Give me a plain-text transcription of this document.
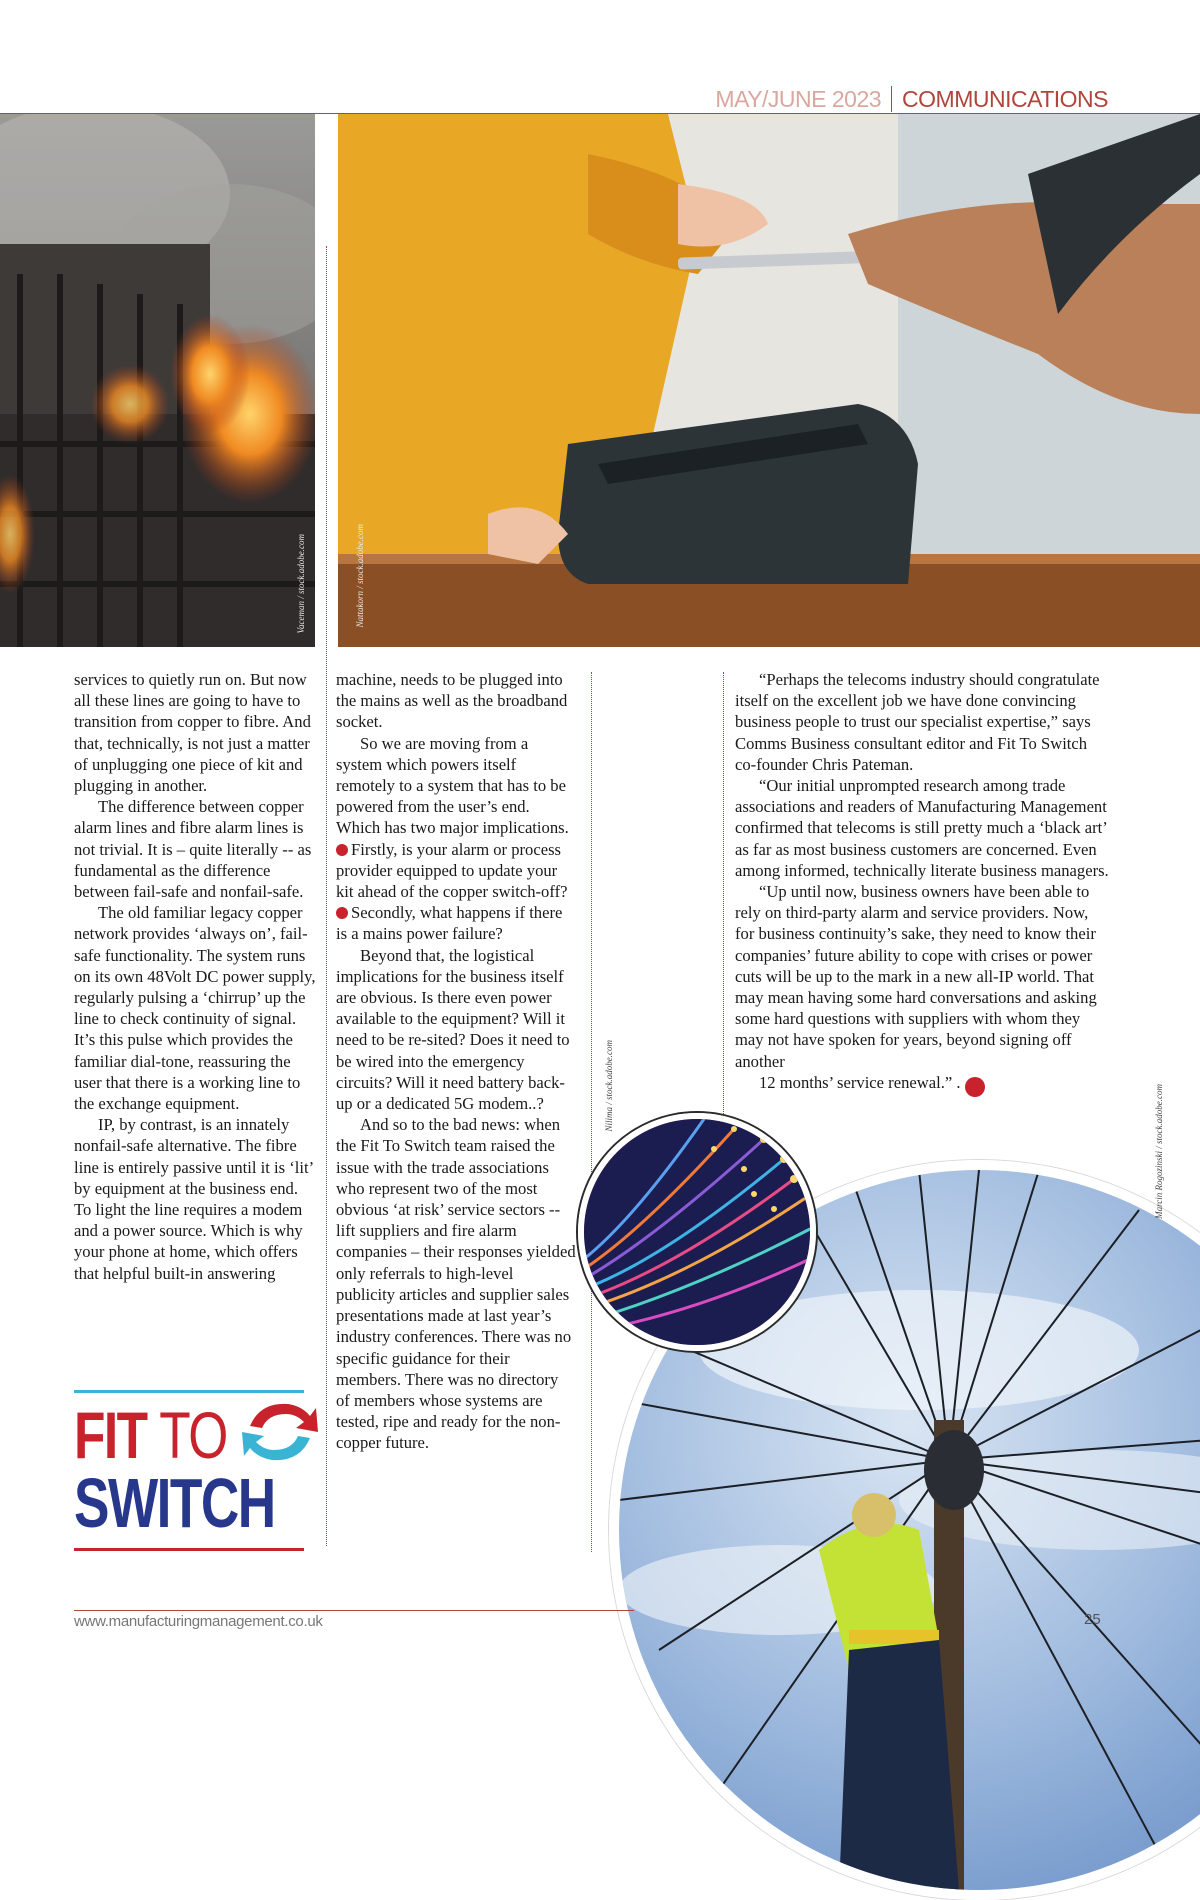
MAY/JUNE 2023 COMMUNICATIONS
Vaceman / stock.adobe.com	Nattakorn / stock.adobe.com

services to quietly run on. But now all these lines are going to have to transition from copper to fibre. And that, technically, is not just a matter of unplugging one piece of kit and plugging in another.

The difference between copper alarm lines and fibre alarm lines is not trivial. It is – quite literally -- as fundamental as the difference between fail-safe and nonfail-safe.

The old familiar legacy copper network provides ‘always on’, fail-safe functionality. The system runs on its own 48Volt DC power supply, regularly pulsing a ‘chirrup’ up the line to check continuity of signal. It’s this pulse which provides the familiar dial-tone, reassuring the user that there is a working line to the exchange equipment.

IP, by contrast, is an innately nonfail-safe alternative. The fibre line is entirely passive until it is ‘lit’ by equipment at the business end. To light the line requires a modem and a power source. Which is why your phone at home, which offers that helpful built-in answering

machine, needs to be plugged into the mains as well as the broadband socket.

So we are moving from a system which powers itself remotely to a system that has to be powered from the user’s end. Which has two major implications.

Firstly, is your alarm or process provider equipped to update your kit ahead of the copper switch-off?

Secondly, what happens if there is a mains power failure?

Beyond that, the logistical implications for the business itself are obvious. Is there even power available to the equipment? Will it need to be re-sited? Does it need to be wired into the emergency circuits? Will it need battery back-up or a dedicated 5G modem..?

And so to the bad news: when the Fit To Switch team raised the issue with the trade associations who represent two of the most obvious ‘at risk’ service sectors -- lift suppliers and fire alarm companies – their responses yielded only referrals to high-level publicity articles and supplier sales presentations made at last year’s industry conferences. There was no specific guidance for their members. There was no directory of members whose systems are tested, ripe and ready for the non-copper future.

Marcin Rogozinski / stock.adobe.com
Nilima / stock.adobe.com

“Perhaps the telecoms industry should congratulate itself on the excellent job we have done convincing business people to trust our specialist expertise,” says Comms Business consultant editor and Fit To Switch co-founder Chris Pateman.

“Our initial unprompted research among trade associations and readers of Manufacturing Management confirmed that telecoms is still pretty much a ‘black art’ as far as most business customers are concerned. Even among informed, technically literate business managers.

“Up until now, business owners have been able to rely on third-party alarm and service providers. Now, for business continuity’s sake, they need to know their companies’ future ability to cope with crises or power cuts will be up to the mark in a new all-IP world. That may mean having some hard conversations and asking some hard questions with suppliers with whom they may not have spoken for years, beyond signing off another

12 months’ service renewal.” . M

FIT TO
SWITCH
www.manufacturingmanagement.co.uk	25
